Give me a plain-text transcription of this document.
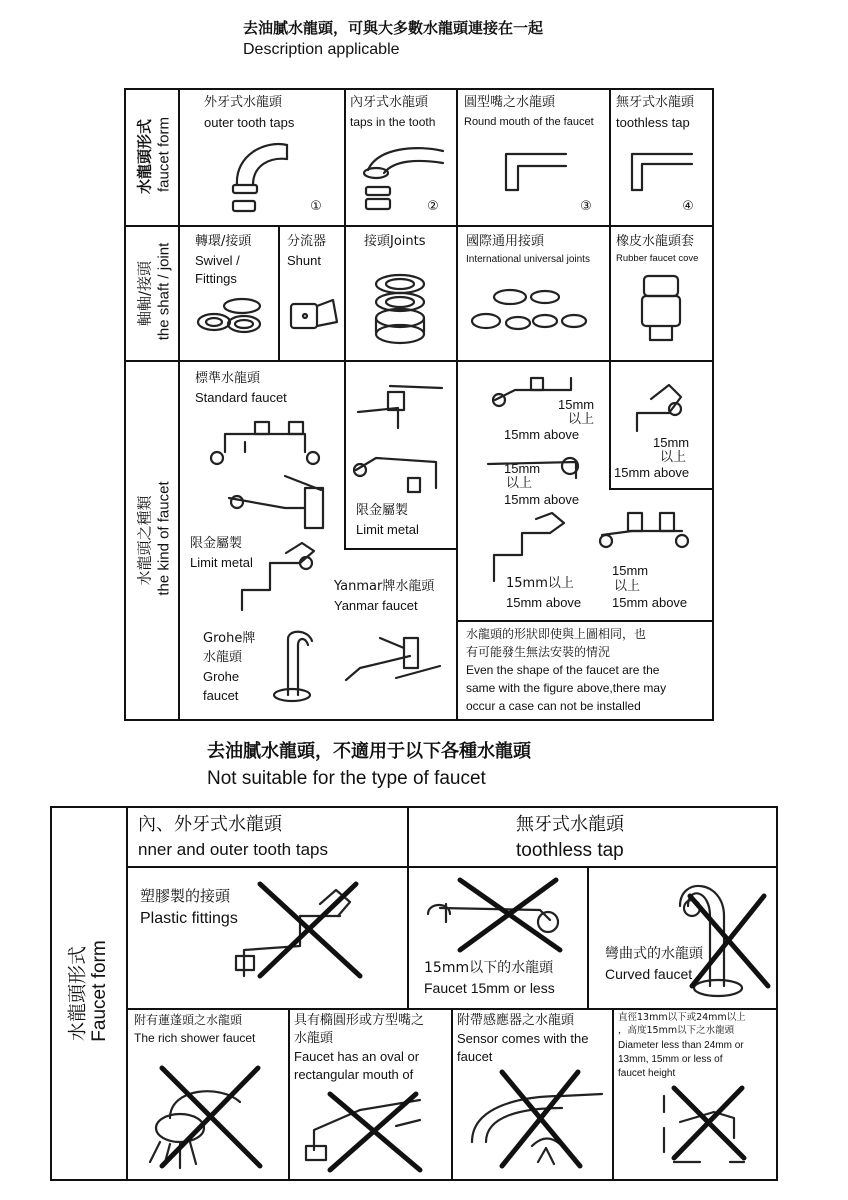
去油膩水龍頭，可與大多數水龍頭連接在一起
Description applicable
水龍頭形式 faucet form
軸軸/接頭 the shaft / joint
水龍頭之種類 the kind of faucet
外牙式水龍頭
outer tooth taps
①
內牙式水龍頭
taps in the tooth
②
圓型嘴之水龍頭
Round mouth of the faucet
③
無牙式水龍頭
toothless tap
④
轉環/接頭
Swivel /
Fittings
分流器
Shunt
接頭Joints	國際通用接頭
International universal joints
橡皮水龍頭套
Rubber faucet cove
標準水龍頭
Standard faucet
限金屬製
Limit metal
限金屬製
Limit metal
Yanmar牌水龍頭
Yanmar faucet
Grohe牌
水龍頭
Grohe
faucet
15mm
以上
15mm above
15mm
以上
15mm above
15mm
以上
15mm above
15mm以上
15mm above
15mm
以上
15mm above
水龍頭的形狀即使與上圖相同，也
有可能發生無法安裝的情況
Even the shape of the faucet are the
same with the figure above,there may
occur a case can not be installed
去油膩水龍頭，不適用于以下各種水龍頭
Not suitable for the type of faucet
水龍頭形式 Faucet form
內、外牙式水龍頭
nner and outer tooth taps
無牙式水龍頭
toothless tap
塑膠製的接頭
Plastic fittings
15mm以下的水龍頭
Faucet 15mm or less
彎曲式的水龍頭
Curved faucet
附有蓮蓬頭之水龍頭
The rich shower faucet
具有橢圓形或方型嘴之
水龍頭
Faucet has an oval or
rectangular mouth of
附帶感應器之水龍頭
Sensor comes with the
faucet
直徑13mm以下或24mm以上
，高度15mm以下之水龍頭
Diameter less than 24mm or
13mm, 15mm or less of
faucet height
